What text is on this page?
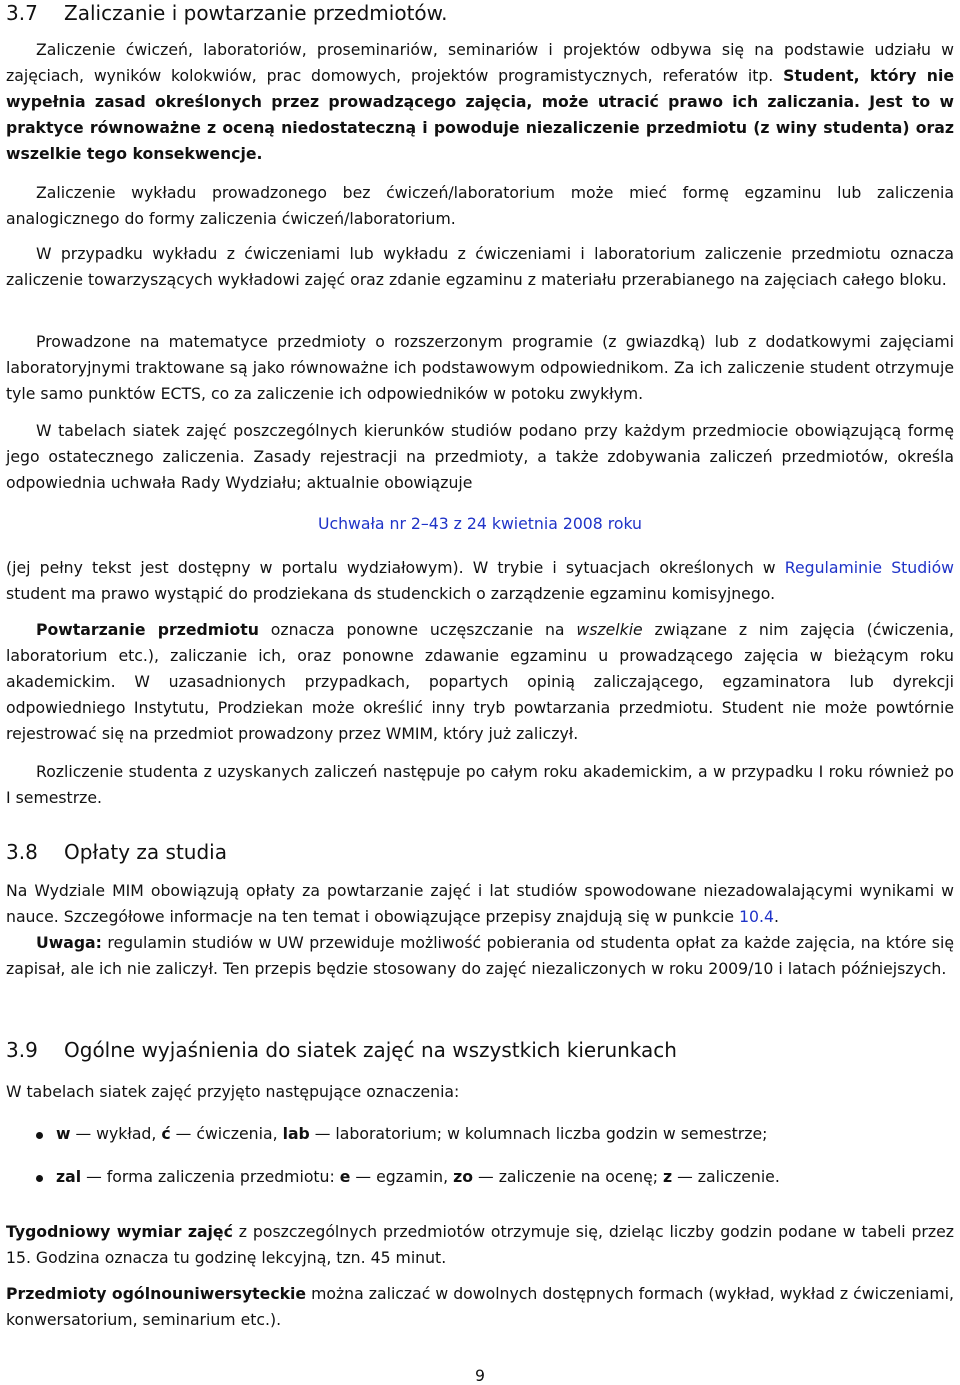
3.7 Zaliczanie i powtarzanie przedmiotów.

Zaliczenie ćwiczeń, laboratoriów, proseminariów, seminariów i projektów odbywa się na podstawie udziału w zajęciach, wyników kolokwiów, prac domowych, projektów programistycznych, referatów itp. Student, który nie wypełnia zasad określonych przez prowadzącego zajęcia, może utracić prawo ich zaliczania. Jest to w praktyce równoważne z oceną niedostateczną i powoduje niezaliczenie przedmiotu (z winy studenta) oraz wszelkie tego konsekwencje.

Zaliczenie wykładu prowadzonego bez ćwiczeń/laboratorium może mieć formę egzaminu lub zaliczenia analogicznego do formy zaliczenia ćwiczeń/laboratorium.

W przypadku wykładu z ćwiczeniami lub wykładu z ćwiczeniami i laboratorium zaliczenie przedmiotu oznacza zaliczenie towarzyszących wykładowi zajęć oraz zdanie egzaminu z materiału przerabianego na zajęciach całego bloku.

Prowadzone na matematyce przedmioty o rozszerzonym programie (z gwiazdką) lub z dodatkowymi zajęciami laboratoryjnymi traktowane są jako równoważne ich podstawowym odpowiednikom. Za ich zaliczenie student otrzymuje tyle samo punktów ECTS, co za zaliczenie ich odpowiedników w potoku zwykłym.

W tabelach siatek zajęć poszczególnych kierunków studiów podano przy każdym przedmiocie obowiązującą formę jego ostatecznego zaliczenia. Zasady rejestracji na przedmioty, a także zdobywania zaliczeń przedmiotów, określa odpowiednia uchwała Rady Wydziału; aktualnie obowiązuje

Uchwała nr 2–43 z 24 kwietnia 2008 roku

(jej pełny tekst jest dostępny w portalu wydziałowym). W trybie i sytuacjach określonych w Regulaminie Studiów student ma prawo wystąpić do prodziekana ds studenckich o zarządzenie egzaminu komisyjnego.

Powtarzanie przedmiotu oznacza ponowne uczęszczanie na wszelkie związane z nim zajęcia (ćwiczenia, laboratorium etc.), zaliczanie ich, oraz ponowne zdawanie egzaminu u prowadzącego zajęcia w bieżącym roku akademickim. W uzasadnionych przypadkach, popartych opinią zaliczającego, egzaminatora lub dyrekcji odpowiedniego Instytutu, Prodziekan może określić inny tryb powtarzania przedmiotu. Student nie może powtórnie rejestrować się na przedmiot prowadzony przez WMIM, który już zaliczył.

Rozliczenie studenta z uzyskanych zaliczeń następuje po całym roku akademickim, a w przypadku I roku również po I semestrze.

3.8 Opłaty za studia

Na Wydziale MIM obowiązują opłaty za powtarzanie zajęć i lat studiów spowodowane niezadowalającymi wynikami w nauce. Szczegółowe informacje na ten temat i obowiązujące przepisy znajdują się w punkcie 10.4.

Uwaga: regulamin studiów w UW przewiduje możliwość pobierania od studenta opłat za każde zajęcia, na które się zapisał, ale ich nie zaliczył. Ten przepis będzie stosowany do zajęć niezaliczonych w roku 2009/10 i latach późniejszych.

3.9 Ogólne wyjaśnienia do siatek zajęć na wszystkich kierunkach

W tabelach siatek zajęć przyjęto następujące oznaczenia:

w — wykład, ć — ćwiczenia, lab — laboratorium; w kolumnach liczba godzin w semestrze;
zal — forma zaliczenia przedmiotu: e — egzamin, zo — zaliczenie na ocenę; z — zaliczenie.

Tygodniowy wymiar zajęć z poszczególnych przedmiotów otrzymuje się, dzieląc liczby godzin podane w tabeli przez 15. Godzina oznacza tu godzinę lekcyjną, tzn. 45 minut.

Przedmioty ogólnouniwersyteckie można zaliczać w dowolnych dostępnych formach (wykład, wykład z ćwiczeniami, konwersatorium, seminarium etc.).

9
